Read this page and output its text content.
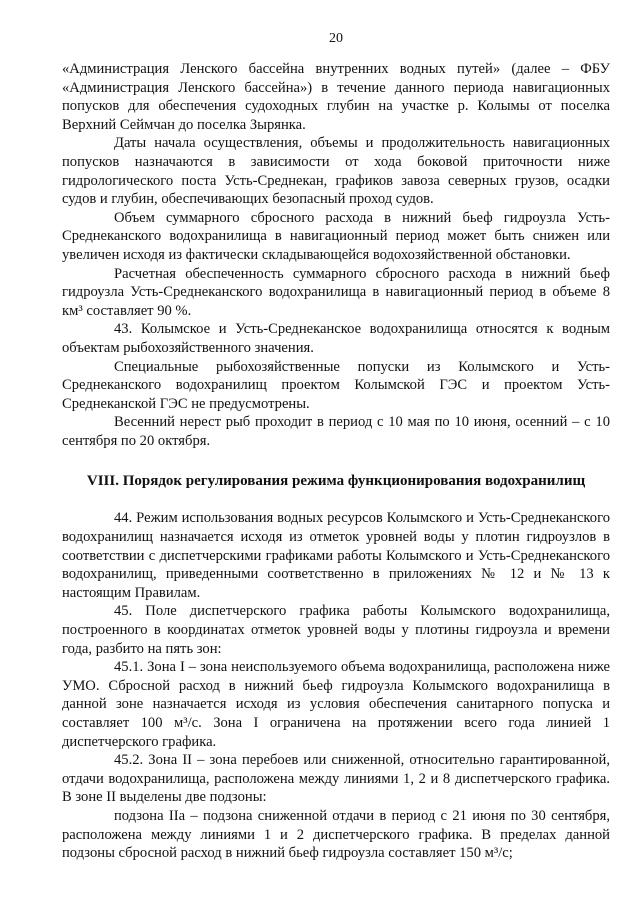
20

«Администрация Ленского бассейна внутренних водных путей» (далее – ФБУ «Администрация Ленского бассейна») в течение данного периода навигационных попусков для обеспечения судоходных глубин на участке р. Колымы от поселка Верхний Сеймчан до поселка Зырянка.

Даты начала осуществления, объемы и продолжительность навигационных попусков назначаются в зависимости от хода боковой приточности ниже гидрологического поста Усть-Среднекан, графиков завоза северных грузов, осадки судов и глубин, обеспечивающих безопасный проход судов.

Объем суммарного сбросного расхода в нижний бьеф гидроузла Усть-Среднеканского водохранилища в навигационный период может быть снижен или увеличен исходя из фактически складывающейся водохозяйственной обстановки.

Расчетная обеспеченность суммарного сбросного расхода в нижний бьеф гидроузла Усть-Среднеканского водохранилища в навигационный период в объеме 8 км³ составляет 90 %.

43. Колымское и Усть-Среднеканское водохранилища относятся к водным объектам рыбохозяйственного значения.

Специальные рыбохозяйственные попуски из Колымского и Усть-Среднеканского водохранилищ проектом Колымской ГЭС и проектом Усть-Среднеканской ГЭС не предусмотрены.

Весенний нерест рыб проходит в период с 10 мая по 10 июня, осенний – с 10 сентября по 20 октября.

VIII. Порядок регулирования режима функционирования водохранилищ

44. Режим использования водных ресурсов Колымского и Усть-Среднеканского водохранилищ назначается исходя из отметок уровней воды у плотин гидроузлов в соответствии с диспетчерскими графиками работы Колымского и Усть-Среднеканского водохранилищ, приведенными соответственно в приложениях № 12 и № 13 к настоящим Правилам.

45. Поле диспетчерского графика работы Колымского водохранилища, построенного в координатах отметок уровней воды у плотины гидроузла и времени года, разбито на пять зон:

45.1. Зона I – зона неиспользуемого объема водохранилища, расположена ниже УМО. Сбросной расход в нижний бьеф гидроузла Колымского водохранилища в данной зоне назначается исходя из условия обеспечения санитарного попуска и составляет 100 м³/с. Зона I ограничена на протяжении всего года линией 1 диспетчерского графика.

45.2. Зона II – зона перебоев или сниженной, относительно гарантированной, отдачи водохранилища, расположена между линиями 1, 2 и 8 диспетчерского графика. В зоне II выделены две подзоны:

подзона IIа – подзона сниженной отдачи в период с 21 июня по 30 сентября, расположена между линиями 1 и 2 диспетчерского графика. В пределах данной подзоны сбросной расход в нижний бьеф гидроузла составляет 150 м³/с;
